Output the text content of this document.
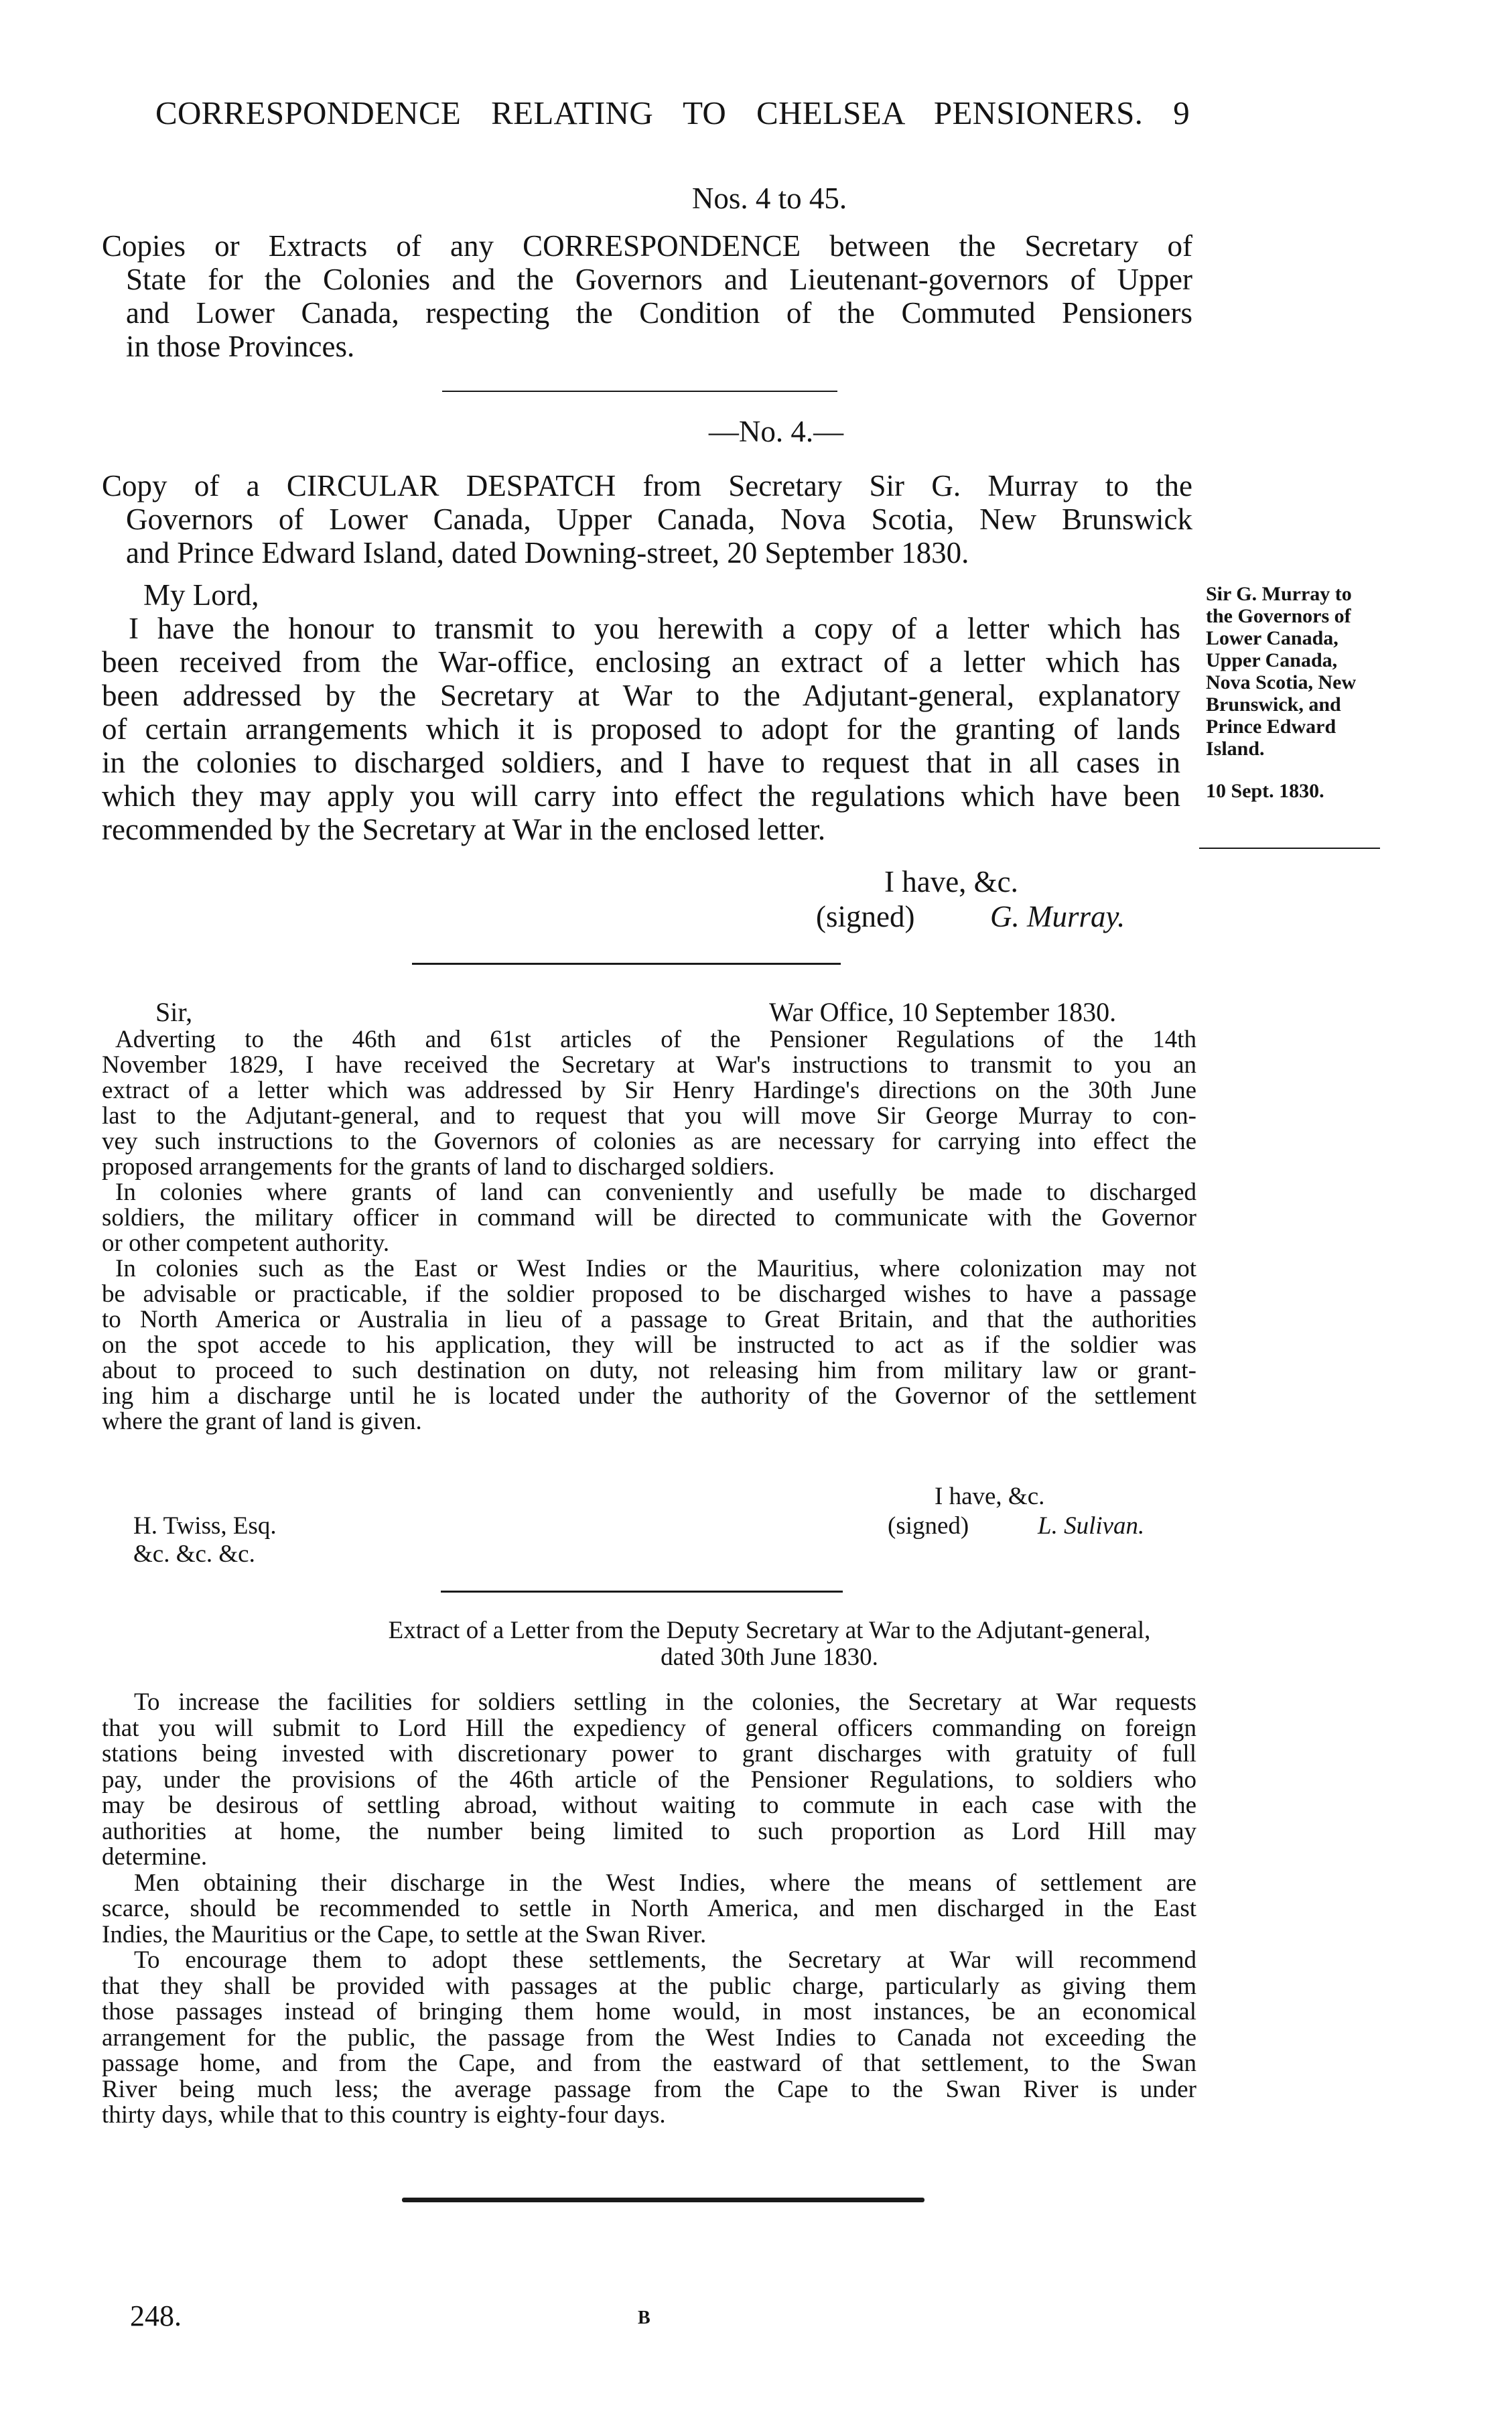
CORRESPONDENCE RELATING TO CHELSEA PENSIONERS. 9
Nos. 4 to 45.
Copies or Extracts of any CORRESPONDENCE between the Secretary of
State for the Colonies and the Governors and Lieutenant-governors of Upper
and Lower Canada, respecting the Condition of the Commuted Pensioners
in those Provinces.
—No. 4.—
Copy of a CIRCULAR DESPATCH from Secretary Sir G. Murray to the
Governors of Lower Canada, Upper Canada, Nova Scotia, New Brunswick
and Prince Edward Island, dated Downing-street, 20 September 1830.
My Lord,
I have the honour to transmit to you herewith a copy of a letter which has
been received from the War-office, enclosing an extract of a letter which has
been addressed by the Secretary at War to the Adjutant-general, explanatory
of certain arrangements which it is proposed to adopt for the granting of lands
in the colonies to discharged soldiers, and I have to request that in all cases in
which they may apply you will carry into effect the regulations which have been
recommended by the Secretary at War in the enclosed letter.
Sir G. Murray to
the Governors of
Lower Canada,
Upper Canada,
Nova Scotia, New
Brunswick, and
Prince Edward
Island.
10 Sept. 1830.
I have, &c.
(signed)	G. Murray.
Sir,	War Office, 10 September 1830.
Adverting to the 46th and 61st articles of the Pensioner Regulations of the 14th
November 1829, I have received the Secretary at War's instructions to transmit to you an
extract of a letter which was addressed by Sir Henry Hardinge's directions on the 30th June
last to the Adjutant-general, and to request that you will move Sir George Murray to con-
vey such instructions to the Governors of colonies as are necessary for carrying into effect the
proposed arrangements for the grants of land to discharged soldiers.
In colonies where grants of land can conveniently and usefully be made to discharged
soldiers, the military officer in command will be directed to communicate with the Governor
or other competent authority.
In colonies such as the East or West Indies or the Mauritius, where colonization may not
be advisable or practicable, if the soldier proposed to be discharged wishes to have a passage
to North America or Australia in lieu of a passage to Great Britain, and that the authorities
on the spot accede to his application, they will be instructed to act as if the soldier was
about to proceed to such destination on duty, not releasing him from military law or grant-
ing him a discharge until he is located under the authority of the Governor of the settlement
where the grant of land is given.
I have, &c.
H. Twiss, Esq.	(signed)	L. Sulivan.
&c. &c. &c.
Extract of a Letter from the Deputy Secretary at War to the Adjutant-general,
dated 30th June 1830.
To increase the facilities for soldiers settling in the colonies, the Secretary at War requests
that you will submit to Lord Hill the expediency of general officers commanding on foreign
stations being invested with discretionary power to grant discharges with gratuity of full
pay, under the provisions of the 46th article of the Pensioner Regulations, to soldiers who
may be desirous of settling abroad, without waiting to commute in each case with the
authorities at home, the number being limited to such proportion as Lord Hill may
determine.
Men obtaining their discharge in the West Indies, where the means of settlement are
scarce, should be recommended to settle in North America, and men discharged in the East
Indies, the Mauritius or the Cape, to settle at the Swan River.
To encourage them to adopt these settlements, the Secretary at War will recommend
that they shall be provided with passages at the public charge, particularly as giving them
those passages instead of bringing them home would, in most instances, be an economical
arrangement for the public, the passage from the West Indies to Canada not exceeding the
passage home, and from the Cape, and from the eastward of that settlement, to the Swan
River being much less; the average passage from the Cape to the Swan River is under
thirty days, while that to this country is eighty-four days.
248.	B
